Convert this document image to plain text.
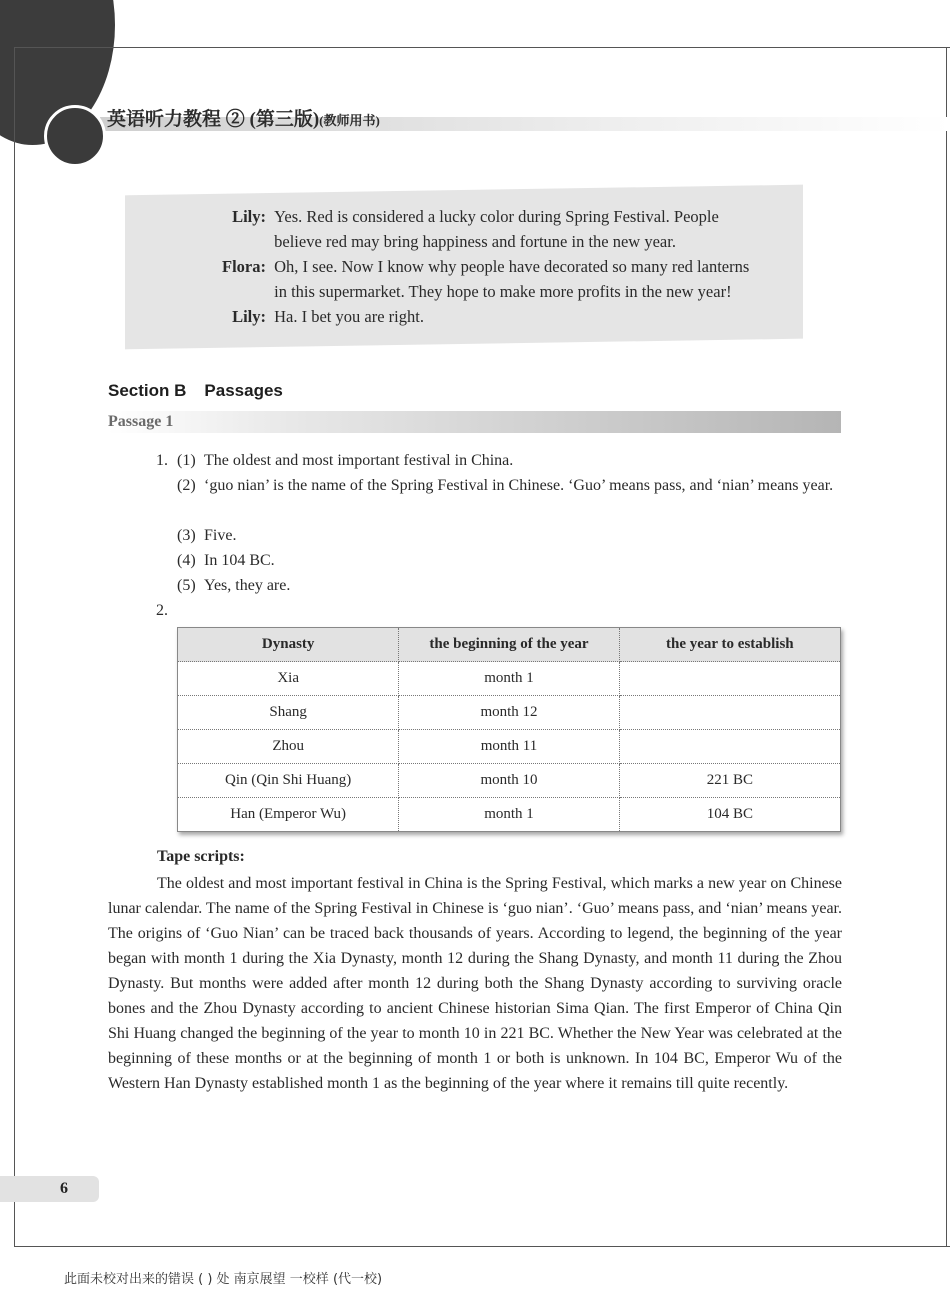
英语听力教程 ② (第三版)(教师用书)
Lily: Yes. Red is considered a lucky color during Spring Festival. People
believe red may bring happiness and fortune in the new year.
Flora: Oh, I see. Now I know why people have decorated so many red lanterns
in this supermarket. They hope to make more profits in the new year!
Lily: Ha. I bet you are right.
Section B Passages
Passage 1
1. (1) The oldest and most important festival in China.
(2) ‘guo nian’ is the name of the Spring Festival in Chinese. ‘Guo’ means pass, and ‘nian’ means year.
(3) Five.
(4) In 104 BC.
(5) Yes, they are.
2.
Dynasty	the beginning of the year	the year to establish
Xia	month 1	
Shang	month 12	
Zhou	month 11	
Qin (Qin Shi Huang)	month 10	221 BC
Han (Emperor Wu)	month 1	104 BC
Tape scripts:
The oldest and most important festival in China is the Spring Festival, which marks a new year on Chinese lunar calendar. The name of the Spring Festival in Chinese is ‘guo nian’. ‘Guo’ means pass, and ‘nian’ means year. The origins of ‘Guo Nian’ can be traced back thousands of years. According to legend, the beginning of the year began with month 1 during the Xia Dynasty, month 12 during the Shang Dynasty, and month 11 during the Zhou Dynasty. But months were added after month 12 during both the Shang Dynasty according to surviving oracle bones and the Zhou Dynasty according to ancient Chinese historian Sima Qian. The first Emperor of China Qin Shi Huang changed the beginning of the year to month 10 in 221 BC. Whether the New Year was celebrated at the beginning of these months or at the beginning of month 1 or both is unknown. In 104 BC, Emperor Wu of the Western Han Dynasty established month 1 as the beginning of the year where it remains till quite recently.
6
此面未校对出来的错误 ( ) 处 南京展望 一校样 (代一校)
